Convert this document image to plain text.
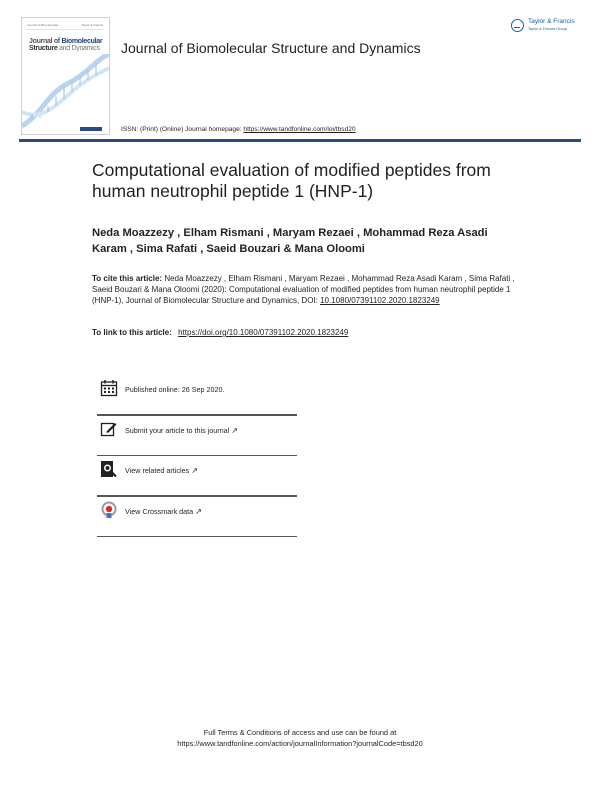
Journal of Biomolecular	Taylor & Francis
Journal of Biomolecular
Structure and Dynamics Journal of Biomolecular Structure and Dynamics
Taylor & Francis
Taylor & Francis Group
ISSN: (Print) (Online) Journal homepage: https://www.tandfonline.com/loi/tbsd20
Computational evaluation of modified peptides from human neutrophil peptide 1 (HNP-1)
Neda Moazzezy , Elham Rismani , Maryam Rezaei , Mohammad Reza Asadi Karam , Sima Rafati , Saeid Bouzari & Mana Oloomi
To cite this article: Neda Moazzezy , Elham Rismani , Maryam Rezaei , Mohammad Reza Asadi Karam , Sima Rafati , Saeid Bouzari & Mana Oloomi (2020): Computational evaluation of modified peptides from human neutrophil peptide 1 (HNP-1), Journal of Biomolecular Structure and Dynamics, DOI: 10.1080/07391102.2020.1823249
To link to this article: https://doi.org/10.1080/07391102.2020.1823249
Published online: 26 Sep 2020.
Submit your article to this journal ↗
View related articles ↗
View Crossmark data ↗
Full Terms & Conditions of access and use can be found at
https://www.tandfonline.com/action/journalInformation?journalCode=tbsd20
